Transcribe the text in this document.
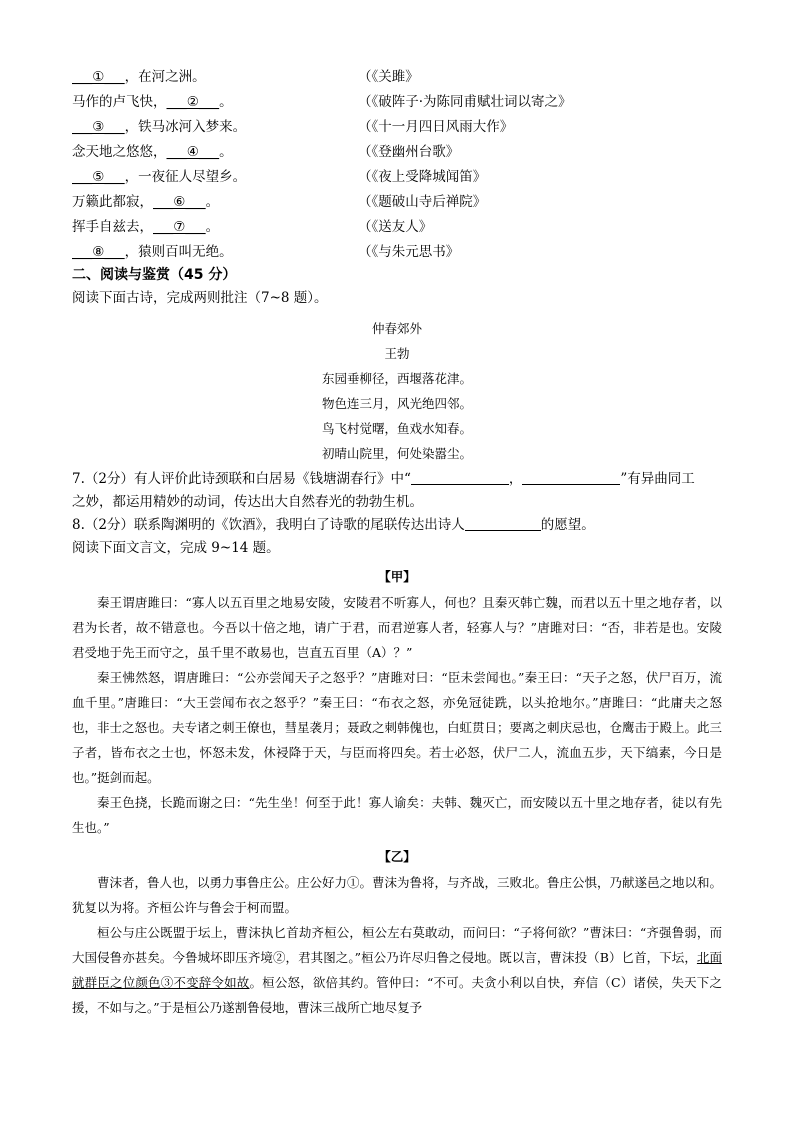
___①___，在河之洲。	（《关雎》
马作的卢飞快，___②___。	（《破阵子·为陈同甫赋壮词以寄之》
___③___，铁马冰河入梦来。	（《十一月四日风雨大作》
念天地之悠悠，___④___。	（《登幽州台歌》
___⑤___，一夜征人尽望乡。	（《夜上受降城闻笛》
万籁此都寂，___⑥___。	（《题破山寺后禅院》
挥手自兹去，___⑦___。	（《送友人》
___⑧___，猿则百叫无绝。	（《与朱元思书》
二、阅读与鉴赏（45 分）
阅读下面古诗，完成两则批注（7~8 题）。
仲春郊外
王勃
东园垂柳径，西堰落花津。
物色连三月，风光绝四邻。
鸟飞村觉曙，鱼戏水知春。
初晴山院里，何处染嚣尘。
7.（2分）有人评价此诗颈联和白居易《钱塘湖春行》中“	，	”有异曲同工
之妙，都运用精妙的动词，传达出大自然春光的勃勃生机。
8.（2分）联系陶渊明的《饮酒》，我明白了诗歌的尾联传达出诗人	的愿望。
阅读下面文言文，完成 9~14 题。
【甲】

秦王谓唐雎曰：“寡人以五百里之地易安陵，安陵君不听寡人，何也？且秦灭韩亡魏，而君以五十里之地存者，以君为长者，故不错意也。今吾以十倍之地，请广于君，而君逆寡人者，轻寡人与？”唐雎对曰：“否，非若是也。安陵君受地于先王而守之，虽千里不敢易也，岂直五百里（A）？”

秦王怫然怒，谓唐雎曰：“公亦尝闻天子之怒乎？”唐雎对曰：“臣未尝闻也。”秦王曰：“天子之怒，伏尸百万，流血千里。”唐雎曰：“大王尝闻布衣之怒乎？”秦王曰：“布衣之怒，亦免冠徒跣，以头抢地尔。”唐雎曰：“此庸夫之怒也，非士之怒也。夫专诸之刺王僚也，彗星袭月；聂政之刺韩傀也，白虹贯日；要离之刺庆忌也，仓鹰击于殿上。此三子者，皆布衣之士也，怀怒未发，休祲降于天，与臣而将四矣。若士必怒，伏尸二人，流血五步，天下缟素，今日是也。”挺剑而起。

秦王色挠，长跪而谢之曰：“先生坐！何至于此！寡人谕矣：夫韩、魏灭亡，而安陵以五十里之地存者，徒以有先生也。”

【乙】

曹沫者，鲁人也，以勇力事鲁庄公。庄公好力①。曹沫为鲁将，与齐战，三败北。鲁庄公惧，乃献遂邑之地以和。犹复以为将。齐桓公许与鲁会于柯而盟。

桓公与庄公既盟于坛上，曹沫执匕首劫齐桓公，桓公左右莫敢动，而问曰：“子将何欲？”曹沫曰：“齐强鲁弱，而大国侵鲁亦甚矣。今鲁城坏即压齐境②，君其图之。”桓公乃许尽归鲁之侵地。既以言，曹沫投（B）匕首，下坛，北面就群臣之位颜色③不变辞令如故。桓公怒，欲倍其约。管仲曰：“不可。夫贪小利以自快，弃信（C）诸侯，失天下之援，不如与之。”于是桓公乃遂割鲁侵地，曹沫三战所亡地尽复予
